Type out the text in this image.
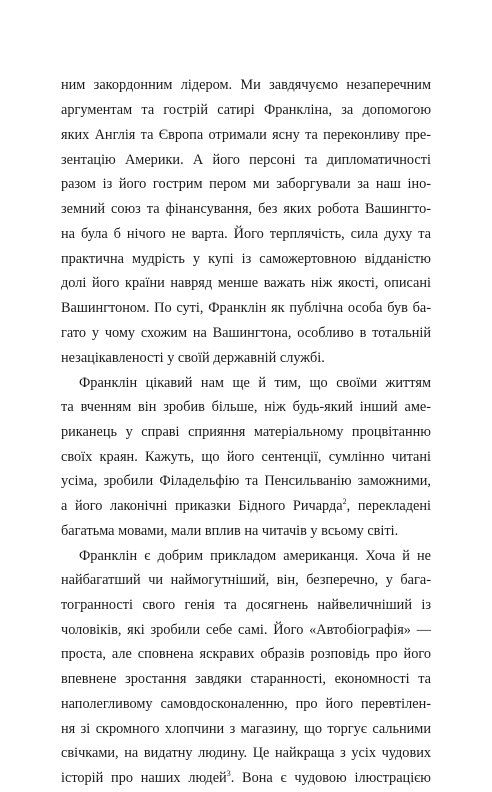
ним закордонним лідером. Ми завдячуємо незаперечним
аргументам та гострій сатирі Франкліна, за допомогою
яких Англія та Європа отримали ясну та переконливу пре-
зентацію Америки. А його персоні та дипломатичності
разом із його гострим пером ми заборгували за наш іно-
земний союз та фінансування, без яких робота Вашингто-
на була б нічого не варта. Його терплячість, сила духу та
практична мудрість у купі із саможертовною відданістю
долі його країни навряд менше важать ніж якості, описані
Вашингтоном. По суті, Франклін як публічна особа був ба-
гато у чому схожим на Вашингтона, особливо в тотальній
незацікавленості у своїй державній службі.
Франклін цікавий нам ще й тим, що своїми життям
та вченням він зробив більше, ніж будь-який інший аме-
риканець у справі сприяння матеріальному процвітанню
своїх краян. Кажуть, що його сентенції, сумлінно читані
усіма, зробили Філадельфію та Пенсильванію заможними,
а його лаконічні приказки Бідного Ричарда$^2$, перекладені
багатьма мовами, мали вплив на читачів у всьому світі.
Франклін є добрим прикладом американця. Хоча й не
найбагатший чи наймогутніший, він, безперечно, у бага-
тогранності свого генія та досягнень найвеличніший із
чоловіків, які зробили себе самі. Його «Автобіографія» —
проста, але сповнена яскравих образів розповідь про його
впевнене зростання завдяки старанності, економності та
наполегливому самовдосконаленню, про його перевтілен-
ня зі скромного хлопчини з магазину, що торгує сальними
свічками, на видатну людину. Це найкраща з усіх чудових
історій про наших людей$^3$. Вона є чудовою ілюстрацією
